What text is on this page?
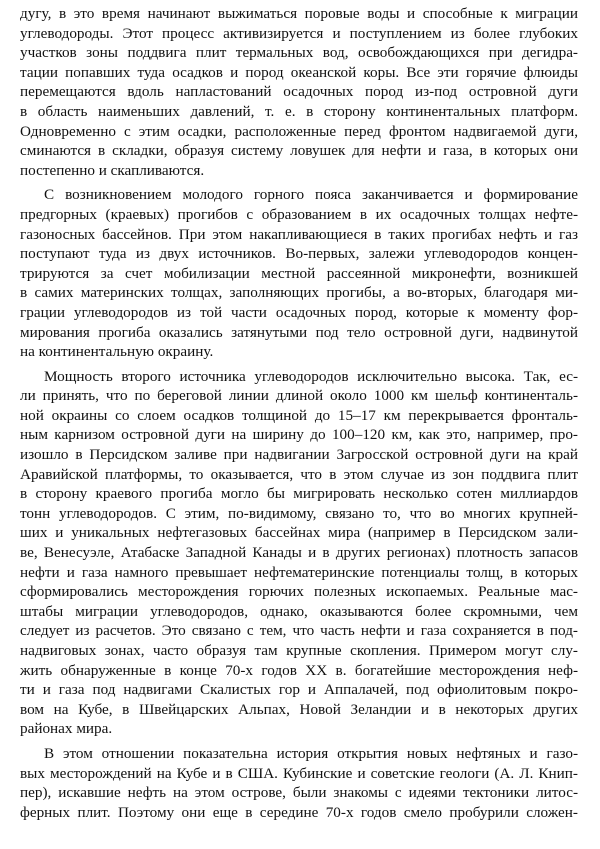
дугу, в это время начинают выжиматься поровые воды и способные к миграции
углеводороды. Этот процесс активизируется и поступлением из более глубоких
участков зоны поддвига плит термальных вод, освобождающихся при дегидра-
тации попавших туда осадков и пород океанской коры. Все эти горячие флюиды
перемещаются вдоль напластований осадочных пород из-под островной дуги
в область наименьших давлений, т. е. в сторону континентальных платформ.
Одновременно с этим осадки, расположенные перед фронтом надвигаемой дуги,
сминаются в складки, образуя систему ловушек для нефти и газа, в которых они
постепенно и скапливаются.
С возникновением молодого горного пояса заканчивается и формирование
предгорных (краевых) прогибов с образованием в их осадочных толщах нефте-
газоносных бассейнов. При этом накапливающиеся в таких прогибах нефть и газ
поступают туда из двух источников. Во-первых, залежи углеводородов концен-
трируются за счет мобилизации местной рассеянной микронефти, возникшей
в самих материнских толщах, заполняющих прогибы, а во-вторых, благодаря ми-
грации углеводородов из той части осадочных пород, которые к моменту фор-
мирования прогиба оказались затянутыми под тело островной дуги, надвинутой
на континентальную окраину.
Мощность второго источника углеводородов исключительно высока. Так, ес-
ли принять, что по береговой линии длиной около 1000 км шельф континенталь-
ной окраины со слоем осадков толщиной до 15–17 км перекрывается фронталь-
ным карнизом островной дуги на ширину до 100–120 км, как это, например, про-
изошло в Персидском заливе при надвигании Загросской островной дуги на край
Аравийской платформы, то оказывается, что в этом случае из зон поддвига плит
в сторону краевого прогиба могло бы мигрировать несколько сотен миллиардов
тонн углеводородов. С этим, по-видимому, связано то, что во многих крупней-
ших и уникальных нефтегазовых бассейнах мира (например в Персидском зали-
ве, Венесуэле, Атабаске Западной Канады и в других регионах) плотность запасов
нефти и газа намного превышает нефтематеринские потенциалы толщ, в которых
сформировались месторождения горючих полезных ископаемых. Реальные мас-
штабы миграции углеводородов, однако, оказываются более скромными, чем
следует из расчетов. Это связано с тем, что часть нефти и газа сохраняется в под-
надвиговых зонах, часто образуя там крупные скопления. Примером могут слу-
жить обнаруженные в конце 70-х годов XX в. богатейшие месторождения неф-
ти и газа под надвигами Скалистых гор и Аппалачей, под офиолитовым покро-
вом на Кубе, в Швейцарских Альпах, Новой Зеландии и в некоторых других
районах мира.
В этом отношении показательна история открытия новых нефтяных и газо-
вых месторождений на Кубе и в США. Кубинские и советские геологи (А. Л. Книп-
пер), искавшие нефть на этом острове, были знакомы с идеями тектоники литос-
ферных плит. Поэтому они еще в середине 70-х годов смело пробурили сложен-
